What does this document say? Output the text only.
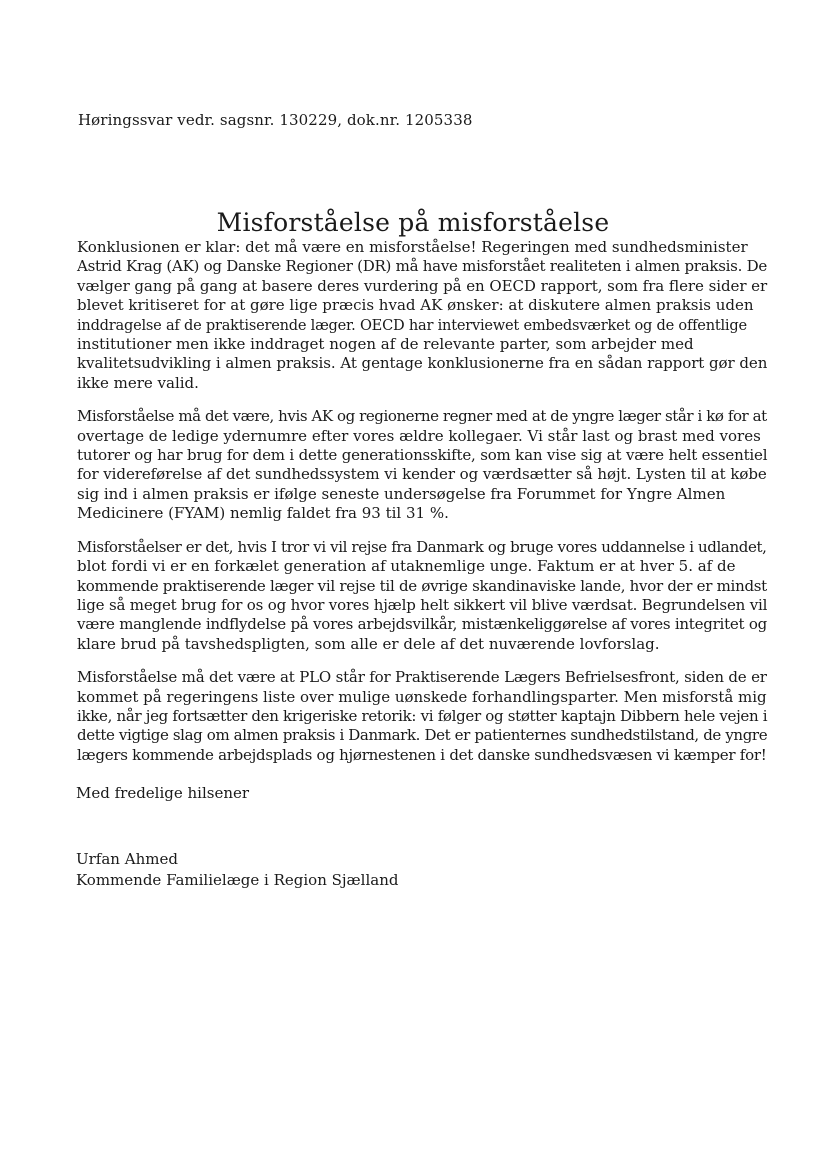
Høringssvar vedr. sagsnr. 130229, dok.nr. 1205338
Misforståelse på misforståelse

Konklusionen er klar: det må være en misforståelse! Regeringen med sundhedsminister
Astrid Krag (AK) og Danske Regioner (DR) må have misforstået realiteten i almen praksis. De
vælger gang på gang at basere deres vurdering på en OECD rapport, som fra flere sider er
blevet kritiseret for at gøre lige præcis hvad AK ønsker: at diskutere almen praksis uden
inddragelse af de praktiserende læger. OECD har interviewet embedsværket og de offentlige
institutioner men ikke inddraget nogen af de relevante parter, som arbejder med
kvalitetsudvikling i almen praksis. At gentage konklusionerne fra en sådan rapport gør den
ikke mere valid.

Misforståelse må det være, hvis AK og regionerne regner med at de yngre læger står i kø for at
overtage de ledige ydernumre efter vores ældre kollegaer. Vi står last og brast med vores
tutorer og har brug for dem i dette generationsskifte, som kan vise sig at være helt essentiel
for videreførelse af det sundhedssystem vi kender og værdsætter så højt. Lysten til at købe
sig ind i almen praksis er ifølge seneste undersøgelse fra Forummet for Yngre Almen
Medicinere (FYAM) nemlig faldet fra 93 til 31 %.

Misforståelser er det, hvis I tror vi vil rejse fra Danmark og bruge vores uddannelse i udlandet,
blot fordi vi er en forkælet generation af utaknemlige unge. Faktum er at hver 5. af de
kommende praktiserende læger vil rejse til de øvrige skandinaviske lande, hvor der er mindst
lige så meget brug for os og hvor vores hjælp helt sikkert vil blive værdsat. Begrundelsen vil
være manglende indflydelse på vores arbejdsvilkår, mistænkeliggørelse af vores integritet og
klare brud på tavshedspligten, som alle er dele af det nuværende lovforslag.

Misforståelse må det være at PLO står for Praktiserende Lægers Befrielsesfront, siden de er
kommet på regeringens liste over mulige uønskede forhandlingsparter. Men misforstå mig
ikke, når jeg fortsætter den krigeriske retorik: vi følger og støtter kaptajn Dibbern hele vejen i
dette vigtige slag om almen praksis i Danmark. Det er patienternes sundhedstilstand, de yngre
lægers kommende arbejdsplads og hjørnestenen i det danske sundhedsvæsen vi kæmper for!

Med fredelige hilsener
Urfan Ahmed
Kommende Familielæge i Region Sjælland
